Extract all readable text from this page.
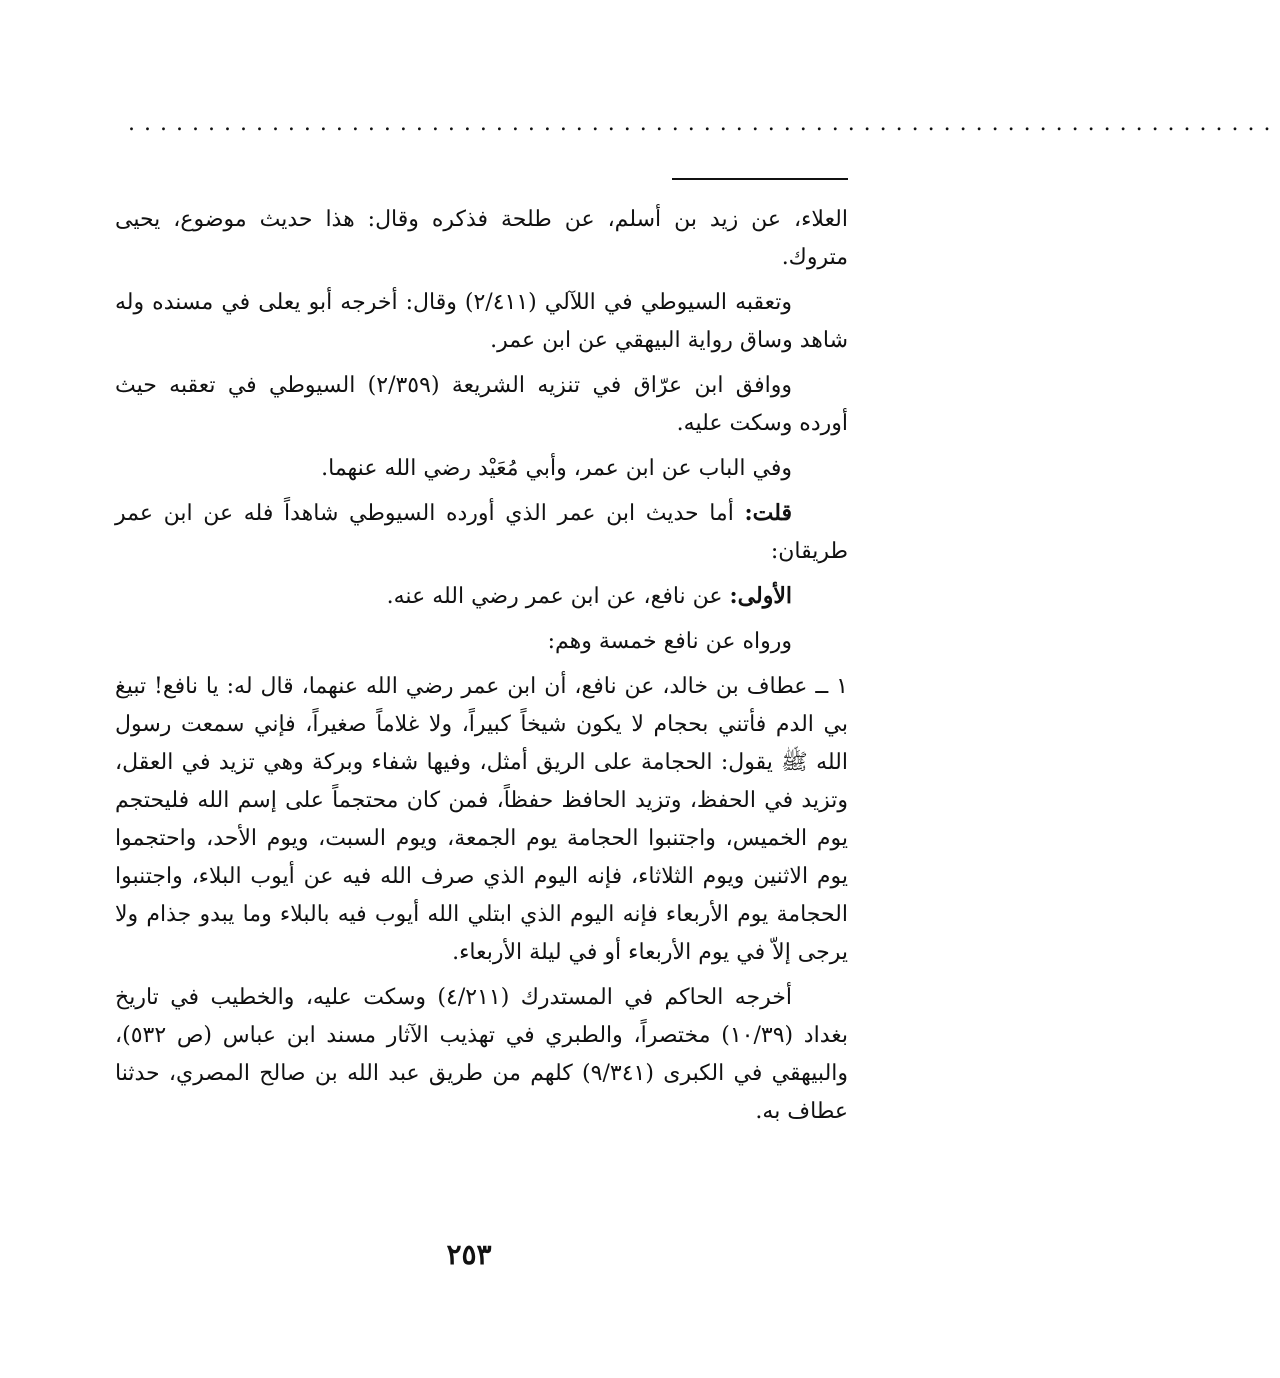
........................................................................

العلاء، عن زيد بن أسلم، عن طلحة فذكره وقال: هذا حديث موضوع، يحيى متروك.

وتعقبه السيوطي في اللآلي (٢/٤١١) وقال: أخرجه أبو يعلى في مسنده وله شاهد وساق رواية البيهقي عن ابن عمر.

ووافق ابن عرّاق في تنزيه الشريعة (٢/٣٥٩) السيوطي في تعقبه حيث أورده وسكت عليه.

وفي الباب عن ابن عمر، وأبي مُعَيْد رضي الله عنهما.

قلت: أما حديث ابن عمر الذي أورده السيوطي شاهداً فله عن ابن عمر طريقان:

الأولى: عن نافع، عن ابن عمر رضي الله عنه.

ورواه عن نافع خمسة وهم:

١ ــ عطاف بن خالد، عن نافع، أن ابن عمر رضي الله عنهما، قال له: يا نافع! تبيغ بي الدم فأتني بحجام لا يكون شيخاً كبيراً، ولا غلاماً صغيراً، فإني سمعت رسول الله ﷺ يقول: الحجامة على الريق أمثل، وفيها شفاء وبركة وهي تزيد في العقل، وتزيد في الحفظ، وتزيد الحافظ حفظاً، فمن كان محتجماً على إسم الله فليحتجم يوم الخميس، واجتنبوا الحجامة يوم الجمعة، ويوم السبت، ويوم الأحد، واحتجموا يوم الاثنين ويوم الثلاثاء، فإنه اليوم الذي صرف الله فيه عن أيوب البلاء، واجتنبوا الحجامة يوم الأربعاء فإنه اليوم الذي ابتلي الله أيوب فيه بالبلاء وما يبدو جذام ولا يرجى إلاّ في يوم الأربعاء أو في ليلة الأربعاء.

أخرجه الحاكم في المستدرك (٤/٢١١) وسكت عليه، والخطيب في تاريخ بغداد (١٠/٣٩) مختصراً، والطبري في تهذيب الآثار مسند ابن عباس (ص ٥٣٢)، والبيهقي في الكبرى (٩/٣٤١) كلهم من طريق عبد الله بن صالح المصري، حدثنا عطاف به.

٢٥٣
